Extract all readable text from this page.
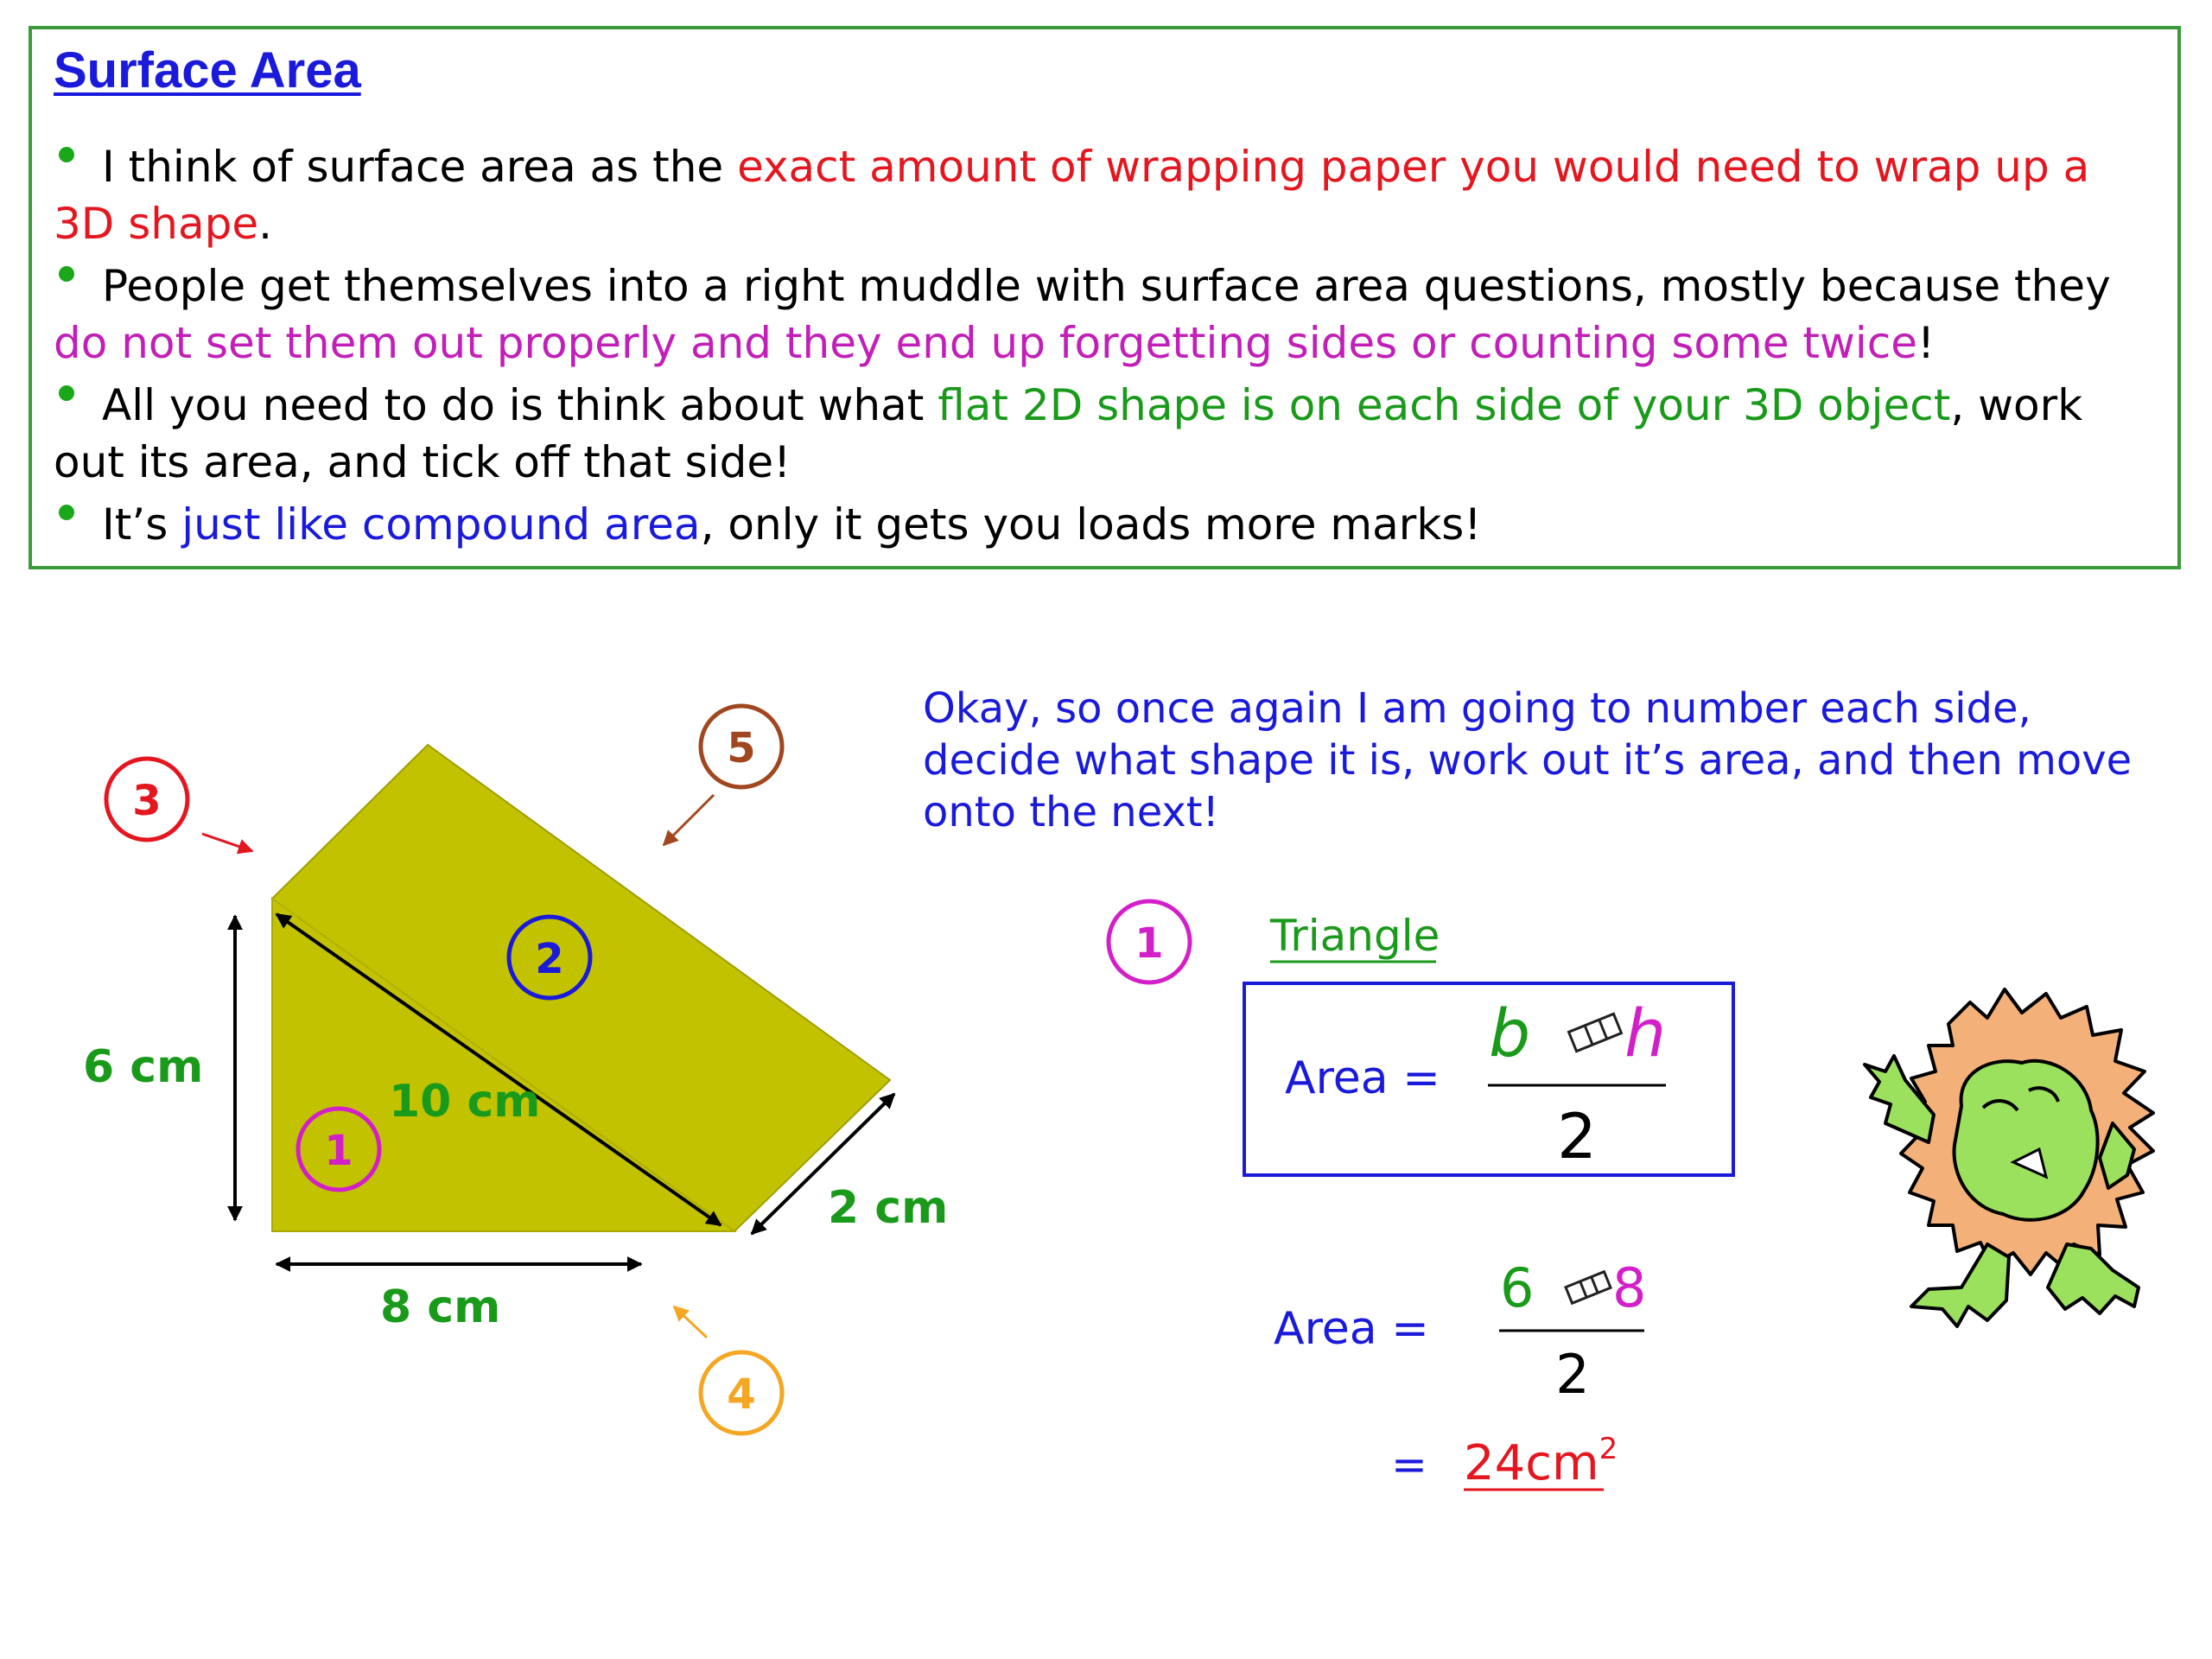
Surface Area

I think of surface area as the exact amount of wrapping paper you would need to wrap up a 3D shape.

People get themselves into a right muddle with surface area questions, mostly because they do not set them out properly and they end up forgetting sides or counting some twice!

All you need to do is think about what flat 2D shape is on each side of your 3D object, work out its area, and tick off that side!

It’s just like compound area, only it gets you loads more marks!

Okay, so once again I am going to number each side, decide what shape it is, work out it’s area, and then move onto the next!

6 cm
10 cm
8 cm
2 cm
3
5
2
1
4
1 Triangle
Area =
b h
2
Area =
6 8
2
= $24cm^2$
